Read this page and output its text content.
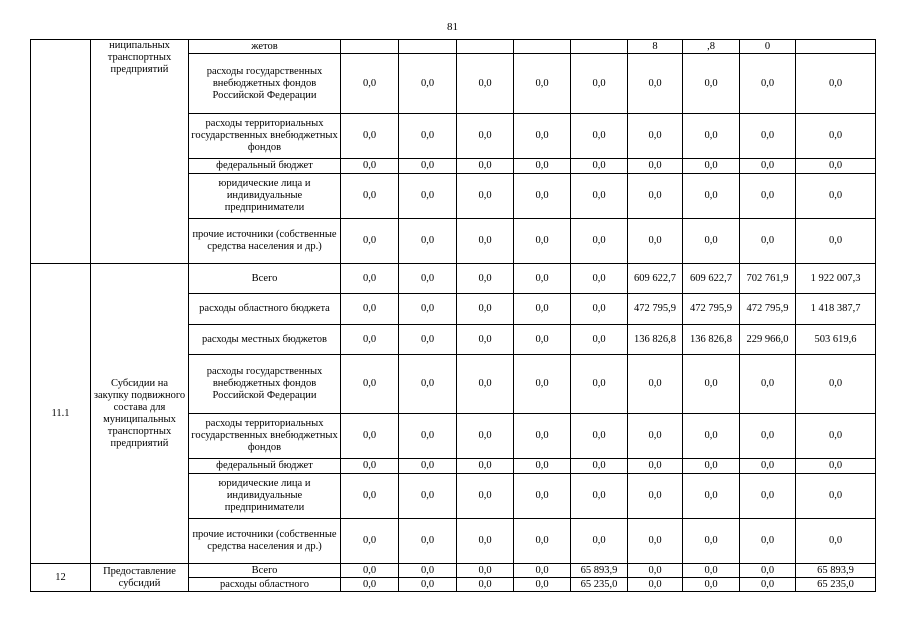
81
	ниципальных транспортных предприятий	жетов						8	,8	0	
		расходы государственных внебюджетных фондов Российской Федерации	0,0	0,0	0,0	0,0	0,0	0,0	0,0	0,0	0,0
		расходы территориальных государственных внебюджетных фондов	0,0	0,0	0,0	0,0	0,0	0,0	0,0	0,0	0,0
		федеральный бюджет	0,0	0,0	0,0	0,0	0,0	0,0	0,0	0,0	0,0
		юридические лица и индивидуальные предприниматели	0,0	0,0	0,0	0,0	0,0	0,0	0,0	0,0	0,0
		прочие источники (собственные средства населения и др.)	0,0	0,0	0,0	0,0	0,0	0,0	0,0	0,0	0,0
11.1	Субсидии на закупку подвижного состава для муниципальных транспортных предприятий	Всего	0,0	0,0	0,0	0,0	0,0	609 622,7	609 622,7	702 761,9	1 922 007,3
		расходы областного бюджета	0,0	0,0	0,0	0,0	0,0	472 795,9	472 795,9	472 795,9	1 418 387,7
		расходы местных бюджетов	0,0	0,0	0,0	0,0	0,0	136 826,8	136 826,8	229 966,0	503 619,6
		расходы государственных внебюджетных фондов Российской Федерации	0,0	0,0	0,0	0,0	0,0	0,0	0,0	0,0	0,0
		расходы территориальных государственных внебюджетных фондов	0,0	0,0	0,0	0,0	0,0	0,0	0,0	0,0	0,0
		федеральный бюджет	0,0	0,0	0,0	0,0	0,0	0,0	0,0	0,0	0,0
		юридические лица и индивидуальные предприниматели	0,0	0,0	0,0	0,0	0,0	0,0	0,0	0,0	0,0
		прочие источники (собственные средства населения и др.)	0,0	0,0	0,0	0,0	0,0	0,0	0,0	0,0	0,0
12	Предоставление субсидий	Всего	0,0	0,0	0,0	0,0	65 893,9	0,0	0,0	0,0	65 893,9
		расходы областного	0,0	0,0	0,0	0,0	65 235,0	0,0	0,0	0,0	65 235,0
